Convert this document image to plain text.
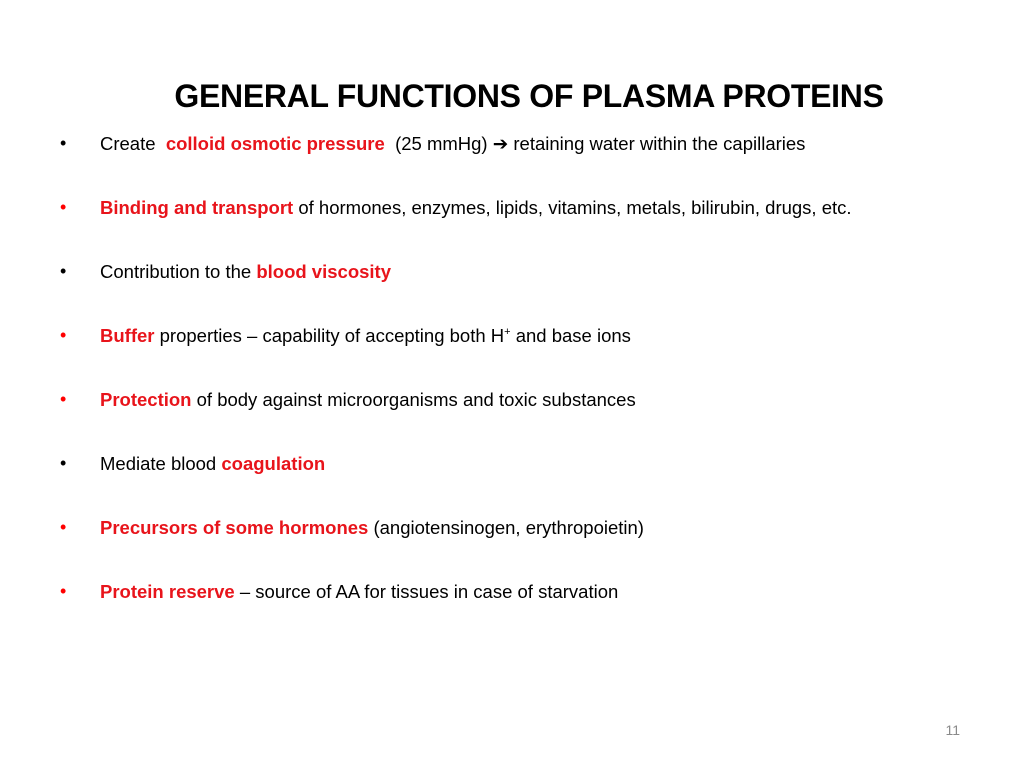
GENERAL FUNCTIONS OF PLASMA PROTEINS
• Create colloid osmotic pressure (25 mmHg) ➔ retaining water within the capillaries
• Binding and transport of hormones, enzymes, lipids, vitamins, metals, bilirubin, drugs, etc.
• Contribution to the blood viscosity
• Buffer properties – capability of accepting both H+ and base ions
• Protection of body against microorganisms and toxic substances
• Mediate blood coagulation
• Precursors of some hormones (angiotensinogen, erythropoietin)
• Protein reserve – source of AA for tissues in case of starvation
11
